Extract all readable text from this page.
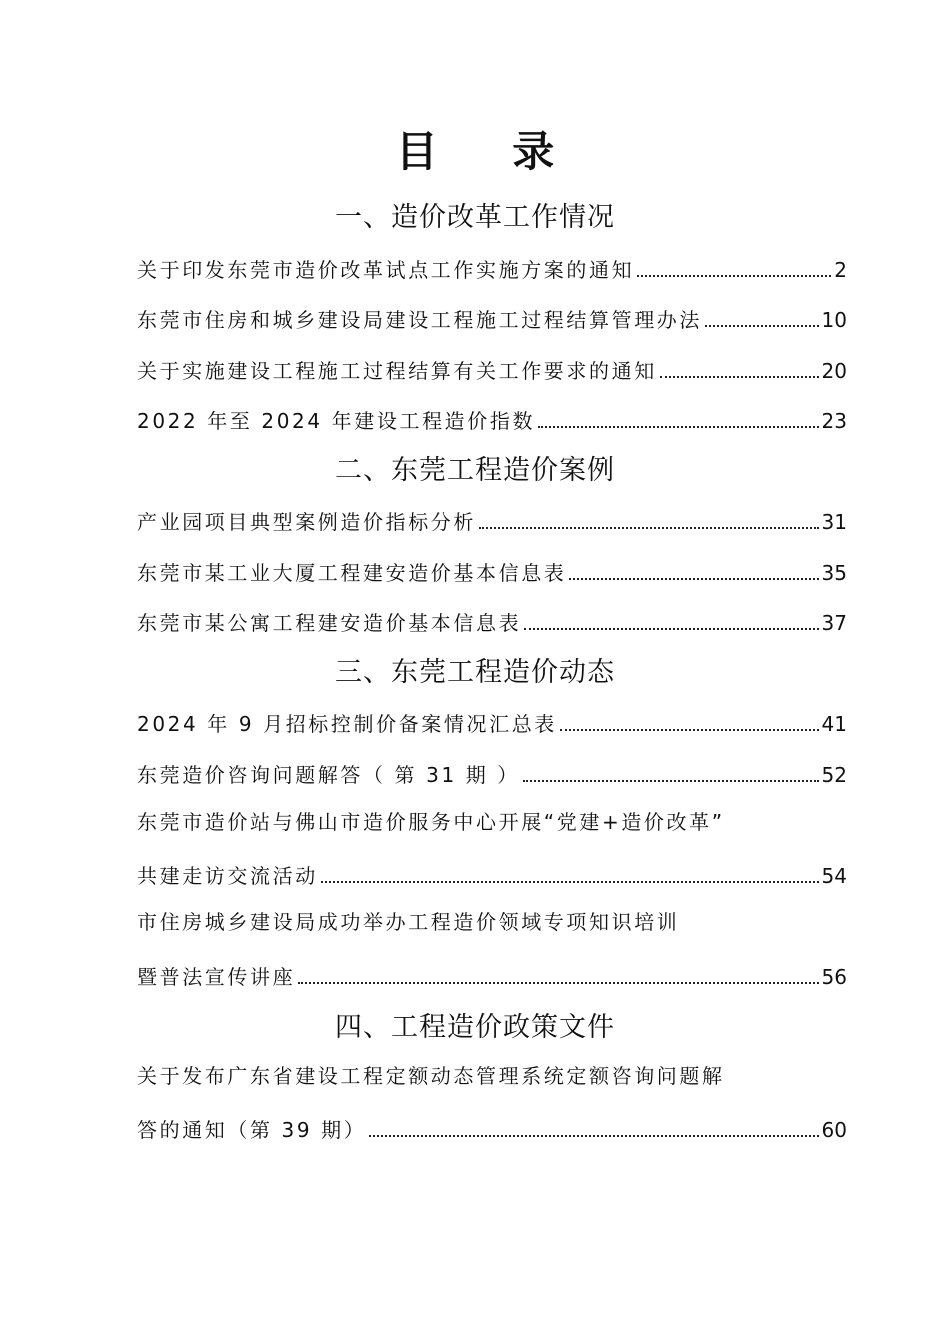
目 录
一、造价改革工作情况
关于印发东莞市造价改革试点工作实施方案的通知	2
东莞市住房和城乡建设局建设工程施工过程结算管理办法	10
关于实施建设工程施工过程结算有关工作要求的通知	20
2022 年至 2024 年建设工程造价指数	23
二、东莞工程造价案例
产业园项目典型案例造价指标分析	31
东莞市某工业大厦工程建安造价基本信息表	35
东莞市某公寓工程建安造价基本信息表	37
三、东莞工程造价动态
2024 年 9 月招标控制价备案情况汇总表	41
东莞造价咨询问题解答（ 第 31 期 ）	52
东莞市造价站与佛山市造价服务中心开展“党建+造价改革”
共建走访交流活动	54
市住房城乡建设局成功举办工程造价领域专项知识培训
暨普法宣传讲座	56
四、工程造价政策文件
关于发布广东省建设工程定额动态管理系统定额咨询问题解
答的通知（第 39 期）	60
